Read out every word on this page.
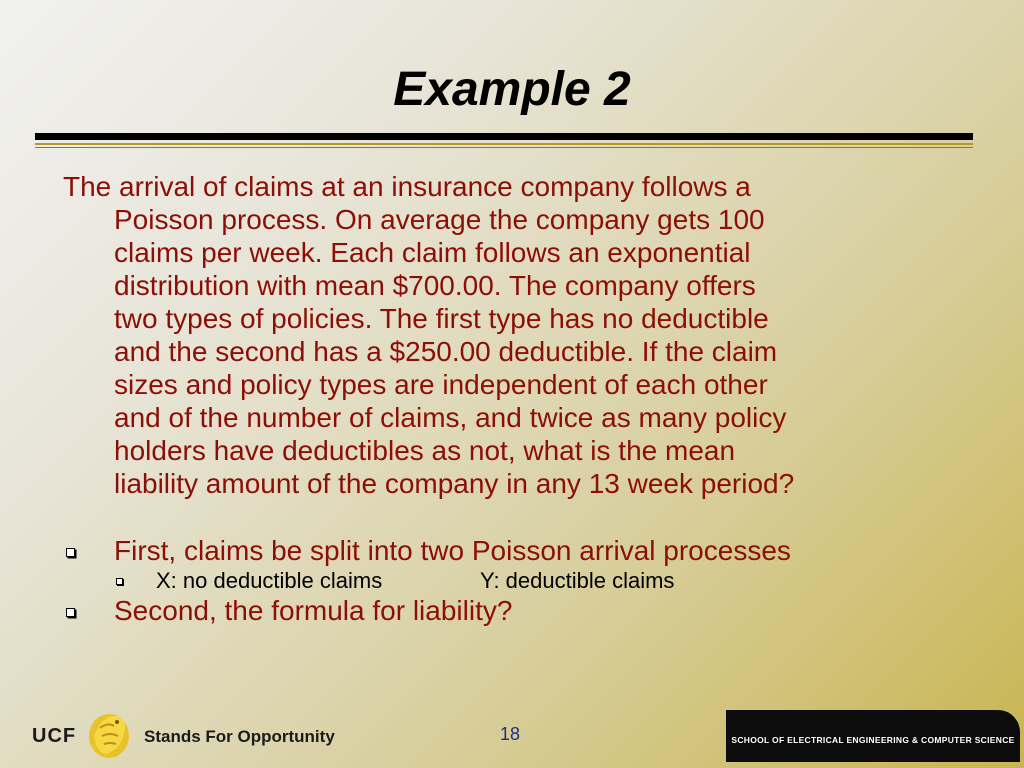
Example 2
The arrival of claims at an insurance company follows a
Poisson process. On average the company gets 100
claims per week. Each claim follows an exponential
distribution with mean $700.00. The company offers
two types of policies. The first type has no deductible
and the second has a $250.00 deductible. If the claim
sizes and policy types are independent of each other
and of the number of claims, and twice as many policy
holders have deductibles as not, what is the mean
liability amount of the company in any 13 week period?
First, claims be split into two Poisson arrival processes
X: no deductible claims	Y: deductible claims
Second, the formula for liability?
UCF	Stands For Opportunity	18	SCHOOL OF ELECTRICAL ENGINEERING & COMPUTER SCIENCE
